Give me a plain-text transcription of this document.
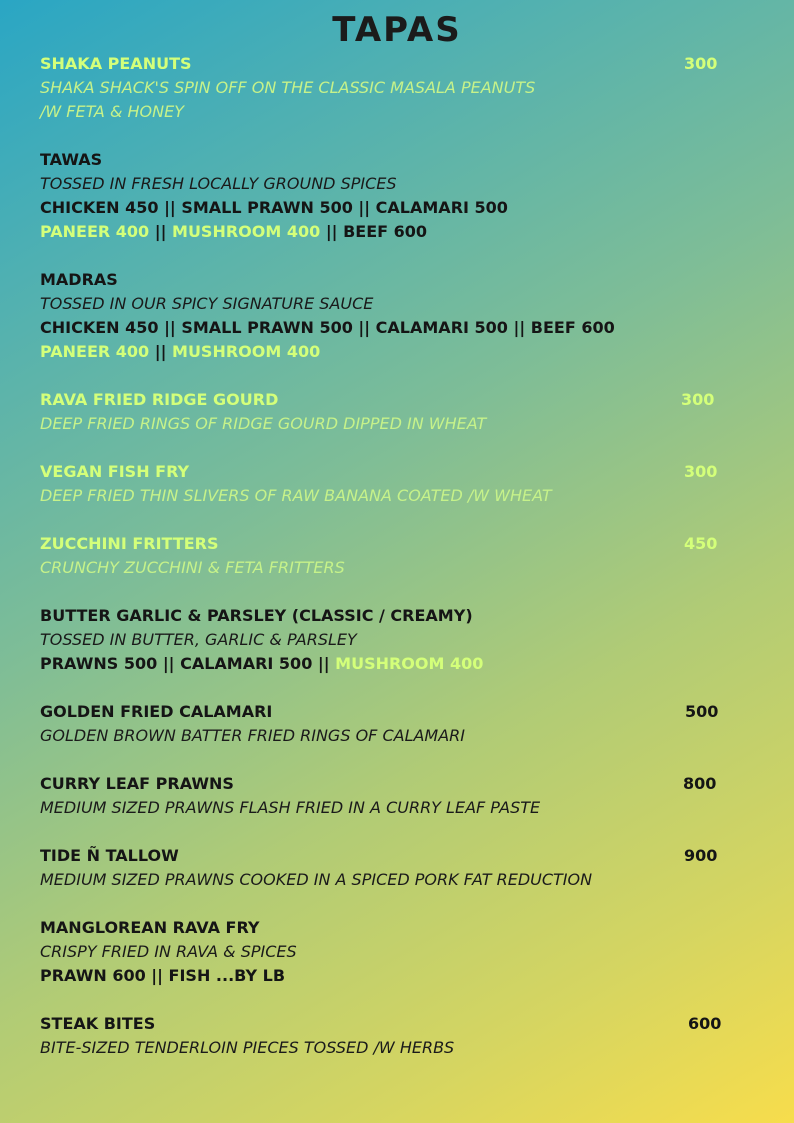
TAPAS
SHAKA PEANUTS	300
SHAKA SHACK'S SPIN OFF ON THE CLASSIC MASALA PEANUTS
/W FETA & HONEY
TAWAS
TOSSED IN FRESH LOCALLY GROUND SPICES
CHICKEN 450 || SMALL PRAWN 500 || CALAMARI 500
PANEER 400 || MUSHROOM 400 || BEEF 600
MADRAS
TOSSED IN OUR SPICY SIGNATURE SAUCE
CHICKEN 450 || SMALL PRAWN 500 || CALAMARI 500 || BEEF 600
PANEER 400 || MUSHROOM 400
RAVA FRIED RIDGE GOURD	300
DEEP FRIED RINGS OF RIDGE GOURD DIPPED IN WHEAT
VEGAN FISH FRY	300
DEEP FRIED THIN SLIVERS OF RAW BANANA COATED /W WHEAT
ZUCCHINI FRITTERS	450
CRUNCHY ZUCCHINI & FETA FRITTERS
BUTTER GARLIC & PARSLEY (CLASSIC / CREAMY)
TOSSED IN BUTTER, GARLIC & PARSLEY
PRAWNS 500 || CALAMARI 500 || MUSHROOM 400
GOLDEN FRIED CALAMARI	500
GOLDEN BROWN BATTER FRIED RINGS OF CALAMARI
CURRY LEAF PRAWNS	800
MEDIUM SIZED PRAWNS FLASH FRIED IN A CURRY LEAF PASTE
TIDE Ñ TALLOW	900
MEDIUM SIZED PRAWNS COOKED IN A SPICED PORK FAT REDUCTION
MANGLOREAN RAVA FRY
CRISPY FRIED IN RAVA & SPICES
PRAWN 600 || FISH ...BY LB
STEAK BITES	600
BITE-SIZED TENDERLOIN PIECES TOSSED /W HERBS
